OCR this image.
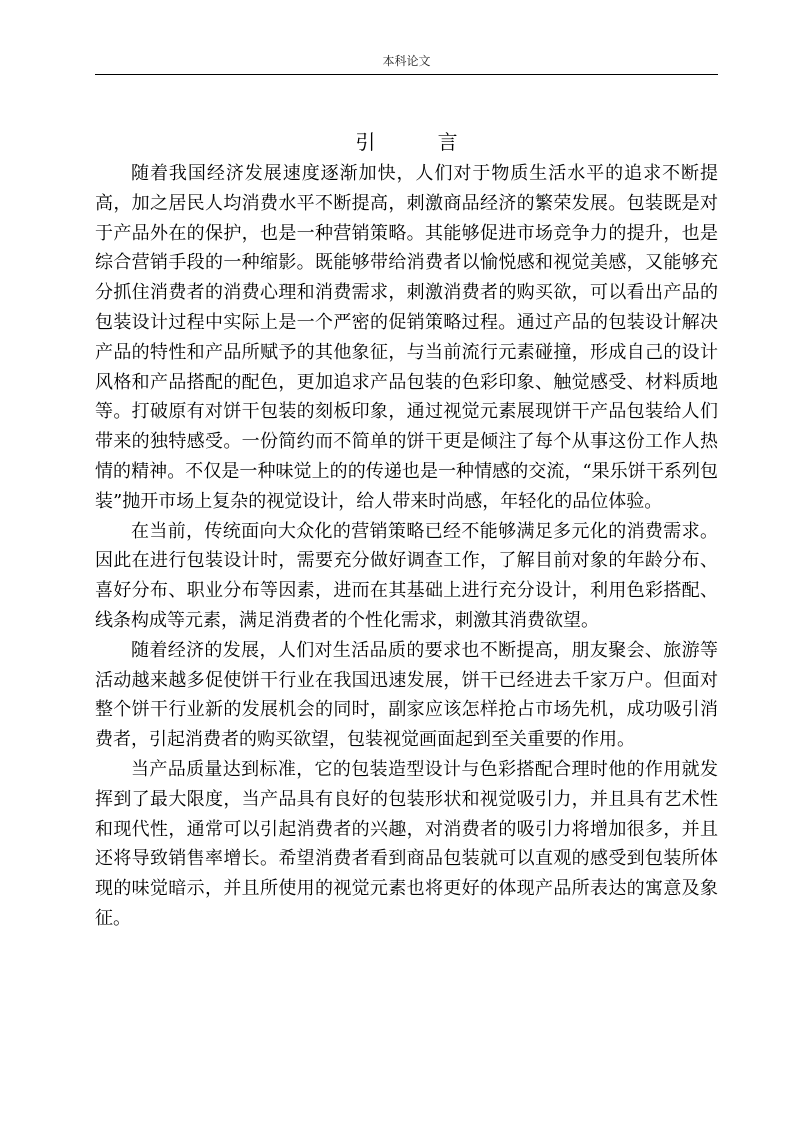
本科论文
引 言

随着我国经济发展速度逐渐加快，人们对于物质生活水平的追求不断提高，加之居民人均消费水平不断提高，刺激商品经济的繁荣发展。包装既是对于产品外在的保护，也是一种营销策略。其能够促进市场竞争力的提升，也是综合营销手段的一种缩影。既能够带给消费者以愉悦感和视觉美感，又能够充分抓住消费者的消费心理和消费需求，刺激消费者的购买欲，可以看出产品的包装设计过程中实际上是一个严密的促销策略过程。通过产品的包装设计解决产品的特性和产品所赋予的其他象征，与当前流行元素碰撞，形成自己的设计风格和产品搭配的配色，更加追求产品包装的色彩印象、触觉感受、材料质地等。打破原有对饼干包装的刻板印象，通过视觉元素展现饼干产品包装给人们带来的独特感受。一份简约而不简单的饼干更是倾注了每个从事这份工作人热情的精神。不仅是一种味觉上的的传递也是一种情感的交流，“果乐饼干系列包装”抛开市场上复杂的视觉设计，给人带来时尚感，年轻化的品位体验。

在当前，传统面向大众化的营销策略已经不能够满足多元化的消费需求。因此在进行包装设计时，需要充分做好调查工作，了解目前对象的年龄分布、喜好分布、职业分布等因素，进而在其基础上进行充分设计，利用色彩搭配、线条构成等元素，满足消费者的个性化需求，刺激其消费欲望。

随着经济的发展，人们对生活品质的要求也不断提高，朋友聚会、旅游等活动越来越多促使饼干行业在我国迅速发展，饼干已经进去千家万户。但面对整个饼干行业新的发展机会的同时，副家应该怎样抢占市场先机，成功吸引消费者，引起消费者的购买欲望，包装视觉画面起到至关重要的作用。

当产品质量达到标准，它的包装造型设计与色彩搭配合理时他的作用就发挥到了最大限度，当产品具有良好的包装形状和视觉吸引力，并且具有艺术性和现代性，通常可以引起消费者的兴趣，对消费者的吸引力将增加很多，并且还将导致销售率增长。希望消费者看到商品包装就可以直观的感受到包装所体现的味觉暗示，并且所使用的视觉元素也将更好的体现产品所表达的寓意及象征。
